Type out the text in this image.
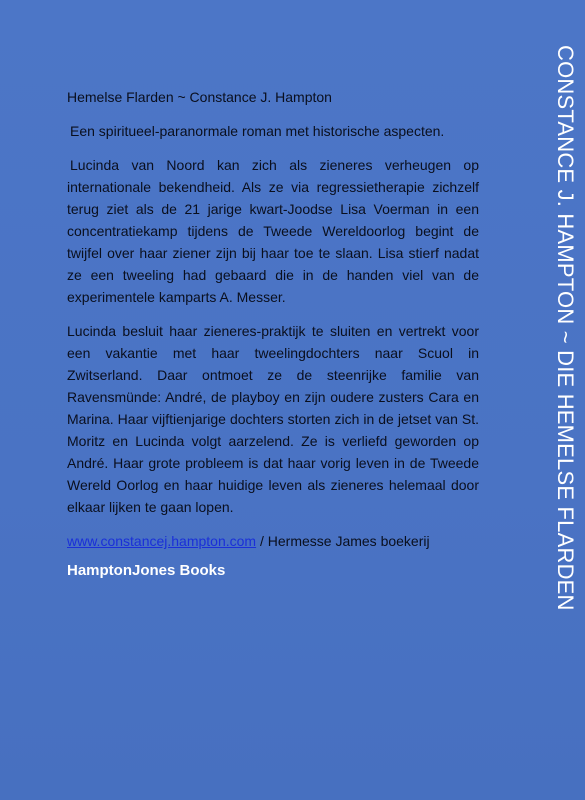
Hemelse Flarden ~ Constance J. Hampton

Een spiritueel-paranormale roman met historische aspecten.

Lucinda van Noord kan zich als zieneres verheugen op internationale bekendheid. Als ze via regressietherapie zichzelf terug ziet als de 21 jarige kwart-Joodse Lisa Voerman in een concentratiekamp tijdens de Tweede Wereldoorlog begint de twijfel over haar ziener zijn bij haar toe te slaan. Lisa stierf nadat ze een tweeling had gebaard die in de handen viel van de experimentele kamparts A. Messer.

Lucinda besluit haar zieneres-praktijk te sluiten en vertrekt voor een vakantie met haar tweelingdochters naar Scuol in Zwitserland. Daar ontmoet ze de steenrijke familie van Ravensmünde: André, de playboy en zijn oudere zusters Cara en Marina. Haar vijftienjarige dochters storten zich in de jetset van St. Moritz en Lucinda volgt aarzelend. Ze is verliefd geworden op André. Haar grote probleem is dat haar vorig leven in de Tweede Wereld Oorlog en haar huidige leven als zieneres helemaal door elkaar lijken te gaan lopen.

www.constancej.hampton.com / Hermesse James boekerij

HamptonJones Books	CONSTANCE J. HAMPTON ~ DIE HEMELSE FLARDEN
